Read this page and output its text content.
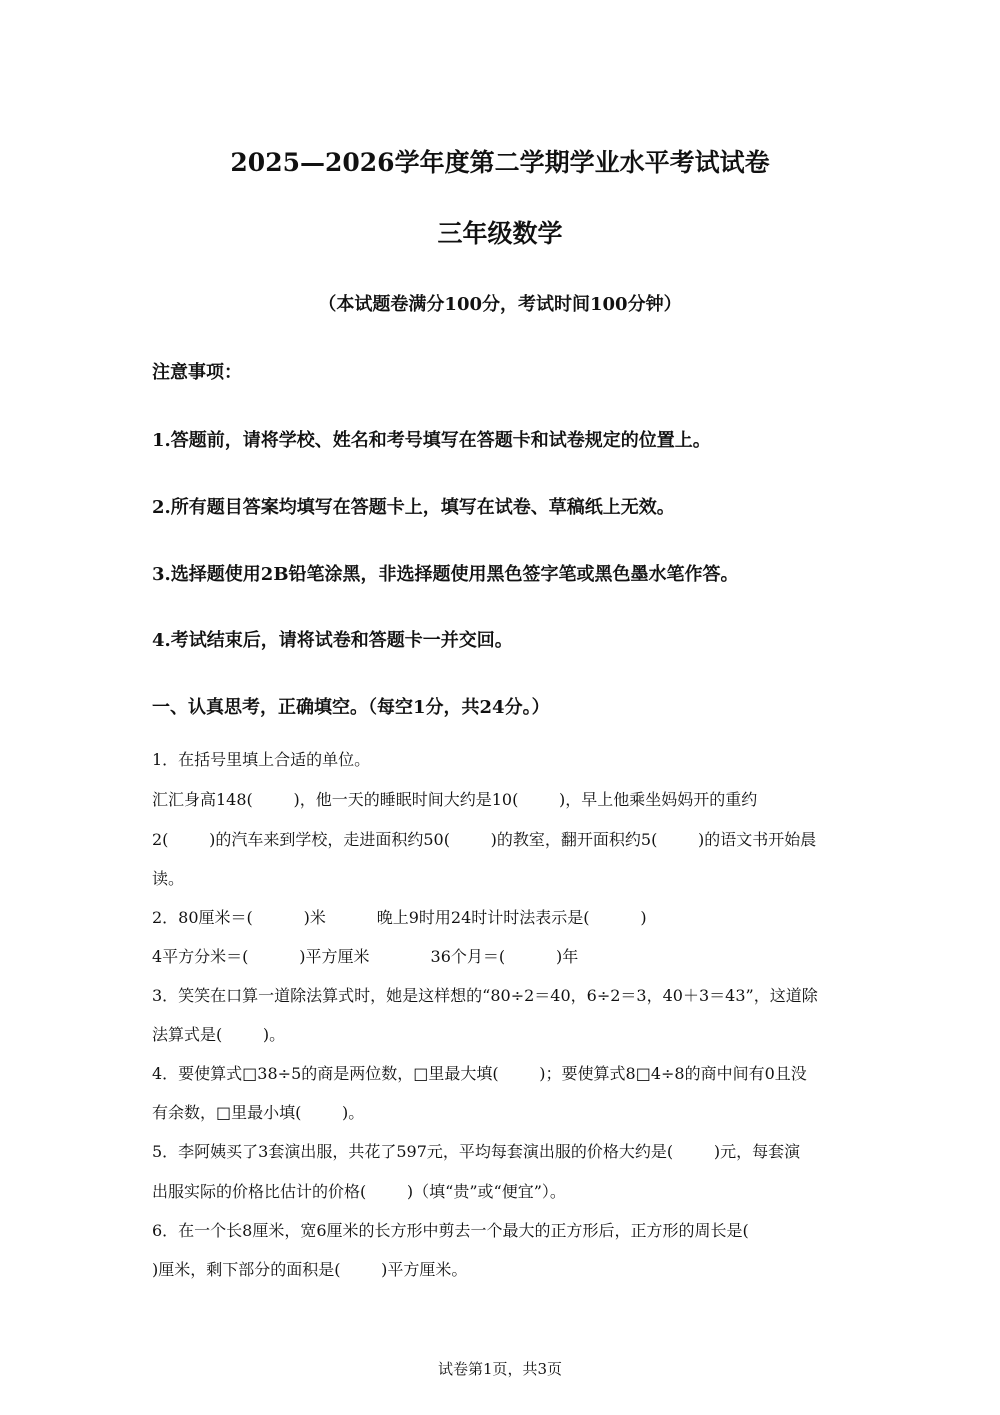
2025—2026学年度第二学期学业水平考试试卷
三年级数学
（本试题卷满分100分，考试时间100分钟）
注意事项：
1.答题前，请将学校、姓名和考号填写在答题卡和试卷规定的位置上。
2.所有题目答案均填写在答题卡上，填写在试卷、草稿纸上无效。
3.选择题使用2B铅笔涂黑，非选择题使用黑色签字笔或黑色墨水笔作答。
4.考试结束后，请将试卷和答题卡一并交回。
一、认真思考，正确填空。（每空1分，共24分。）
1．在括号里填上合适的单位。
汇汇身高148(        )，他一天的睡眠时间大约是10(        )，早上他乘坐妈妈开的重约
2(        )的汽车来到学校，走进面积约50(        )的教室，翻开面积约5(        )的语文书开始晨
读。
2．80厘米＝(          )米          晚上9时用24时计时法表示是(          )
4平方分米＝(          )平方厘米            36个月＝(          )年
3．笑笑在口算一道除法算式时，她是这样想的“80÷2＝40，6÷2＝3，40＋3＝43”，这道除
法算式是(        )。
4．要使算式□38÷5的商是两位数，□里最大填(        )；要使算式8□4÷8的商中间有0且没
有余数，□里最小填(        )。
5．李阿姨买了3套演出服，共花了597元，平均每套演出服的价格大约是(        )元，每套演
出服实际的价格比估计的价格(        )（填“贵”或“便宜”）。
6．在一个长8厘米，宽6厘米的长方形中剪去一个最大的正方形后，正方形的周长是(
)厘米，剩下部分的面积是(        )平方厘米。
试卷第1页，共3页
